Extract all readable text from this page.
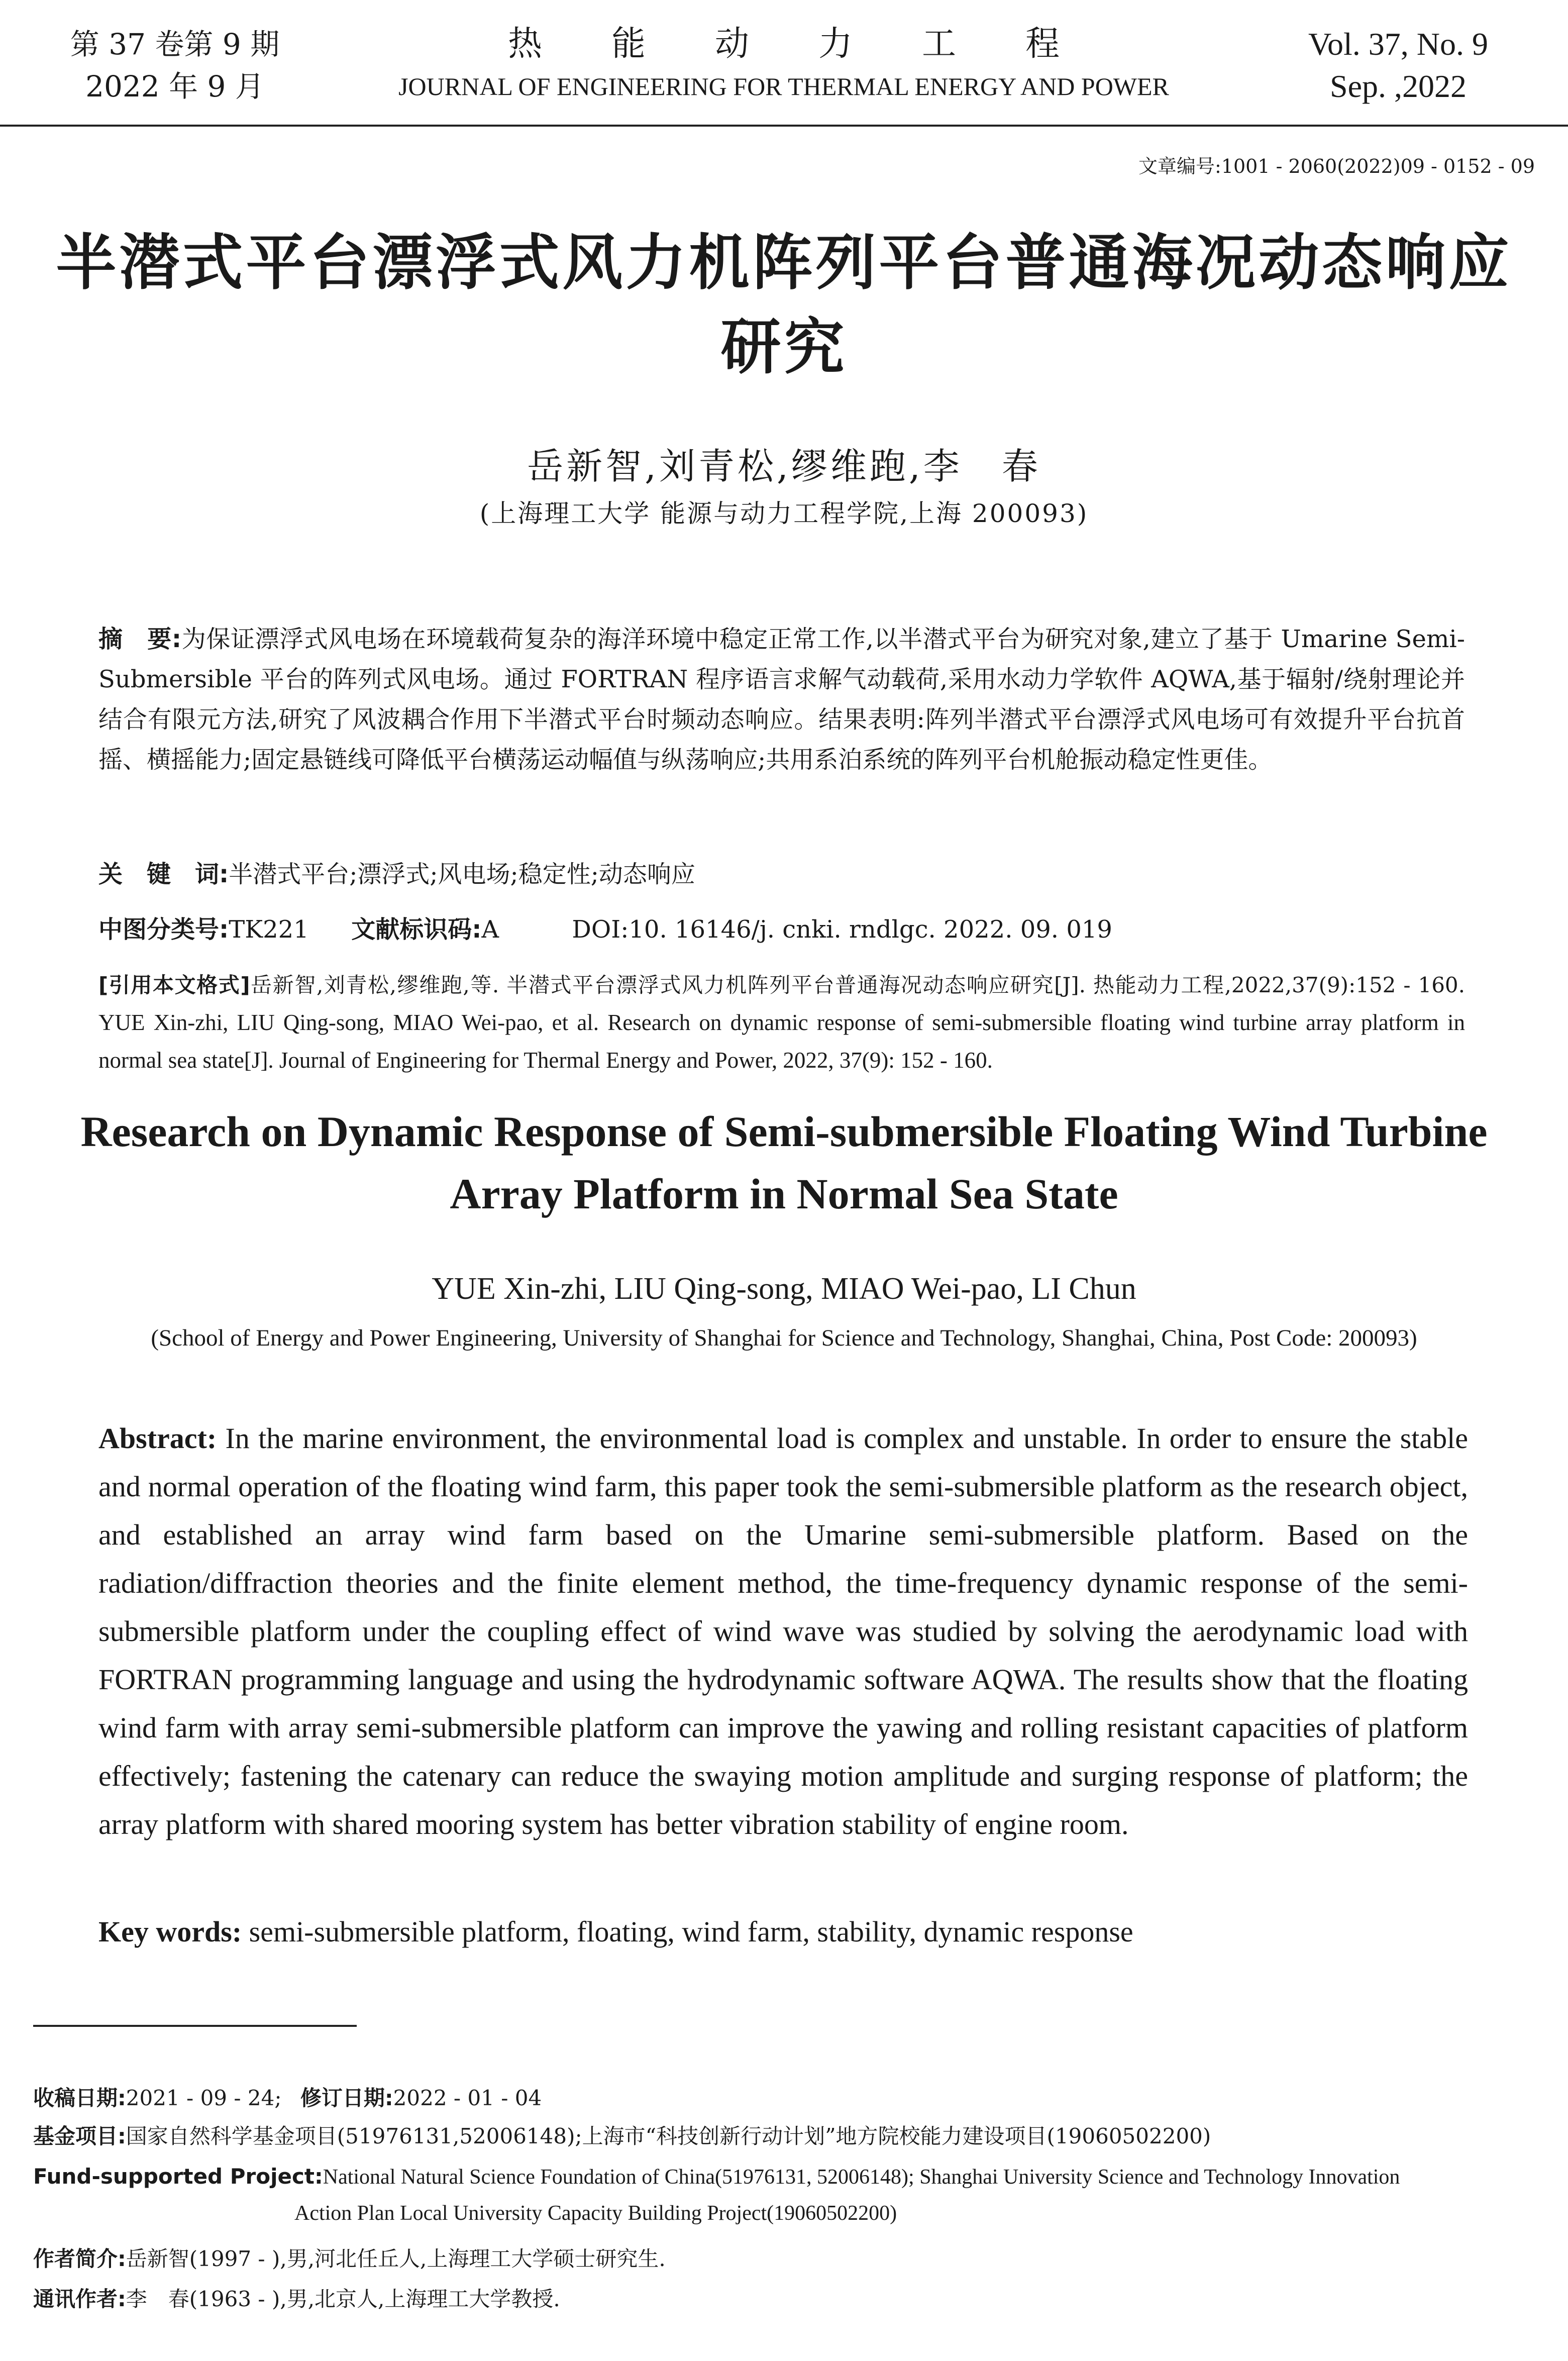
第 37 卷第 9 期
2022 年 9 月
热能动力工程
JOURNAL OF ENGINEERING FOR THERMAL ENERGY AND POWER
Vol. 37, No. 9
Sep. ,2022
文章编号:1001 - 2060(2022)09 - 0152 - 09
半潜式平台漂浮式风力机阵列平台普通海况动态响应研究
岳新智,刘青松,缪维跑,李　春
(上海理工大学 能源与动力工程学院,上海 200093)
摘　要:为保证漂浮式风电场在环境载荷复杂的海洋环境中稳定正常工作,以半潜式平台为研究对象,建立了基于 Umarine Semi-Submersible 平台的阵列式风电场。通过 FORTRAN 程序语言求解气动载荷,采用水动力学软件 AQWA,基于辐射/绕射理论并结合有限元方法,研究了风波耦合作用下半潜式平台时频动态响应。结果表明:阵列半潜式平台漂浮式风电场可有效提升平台抗首摇、横摇能力;固定悬链线可降低平台横荡运动幅值与纵荡响应;共用系泊系统的阵列平台机舱振动稳定性更佳。
关　键　词:半潜式平台;漂浮式;风电场;稳定性;动态响应
中图分类号:TK221 文献标识码:A	DOI:10. 16146/j. cnki. rndlgc. 2022. 09. 019
[引用本文格式]岳新智,刘青松,缪维跑,等. 半潜式平台漂浮式风力机阵列平台普通海况动态响应研究[J]. 热能动力工程,2022,37(9):152 - 160. YUE Xin-zhi, LIU Qing-song, MIAO Wei-pao, et al. Research on dynamic response of semi-submersible floating wind turbine array platform in normal sea state[J]. Journal of Engineering for Thermal Energy and Power, 2022, 37(9): 152 - 160.
Research on Dynamic Response of Semi-submersible Floating Wind Turbine Array Platform in Normal Sea State
YUE Xin-zhi, LIU Qing-song, MIAO Wei-pao, LI Chun
(School of Energy and Power Engineering, University of Shanghai for Science and Technology, Shanghai, China, Post Code: 200093)
Abstract: In the marine environment, the environmental load is complex and unstable. In order to ensure the stable and normal operation of the floating wind farm, this paper took the semi-submersible platform as the research object, and established an array wind farm based on the Umarine semi-submersible platform. Based on the radiation/diffraction theories and the finite element method, the time-frequency dynamic response of the semi-submersible platform under the coupling effect of wind wave was studied by solving the aerodynamic load with FORTRAN programming language and using the hydrodynamic software AQWA. The results show that the floating wind farm with array semi-submersible platform can improve the yawing and rolling resistant capacities of platform effectively; fastening the catenary can reduce the swaying motion amplitude and surging response of platform; the array platform with shared mooring system has better vibration stability of engine room.
Key words: semi-submersible platform, floating, wind farm, stability, dynamic response
收稿日期:2021 - 09 - 24; 修订日期:2022 - 01 - 04
基金项目:国家自然科学基金项目(51976131,52006148);上海市“科技创新行动计划”地方院校能力建设项目(19060502200)
Fund-supported Project:National Natural Science Foundation of China(51976131, 52006148); Shanghai University Science and Technology Innovation
Action Plan Local University Capacity Building Project(19060502200)
作者简介:岳新智(1997 - ),男,河北任丘人,上海理工大学硕士研究生.
通讯作者:李　春(1963 - ),男,北京人,上海理工大学教授.
